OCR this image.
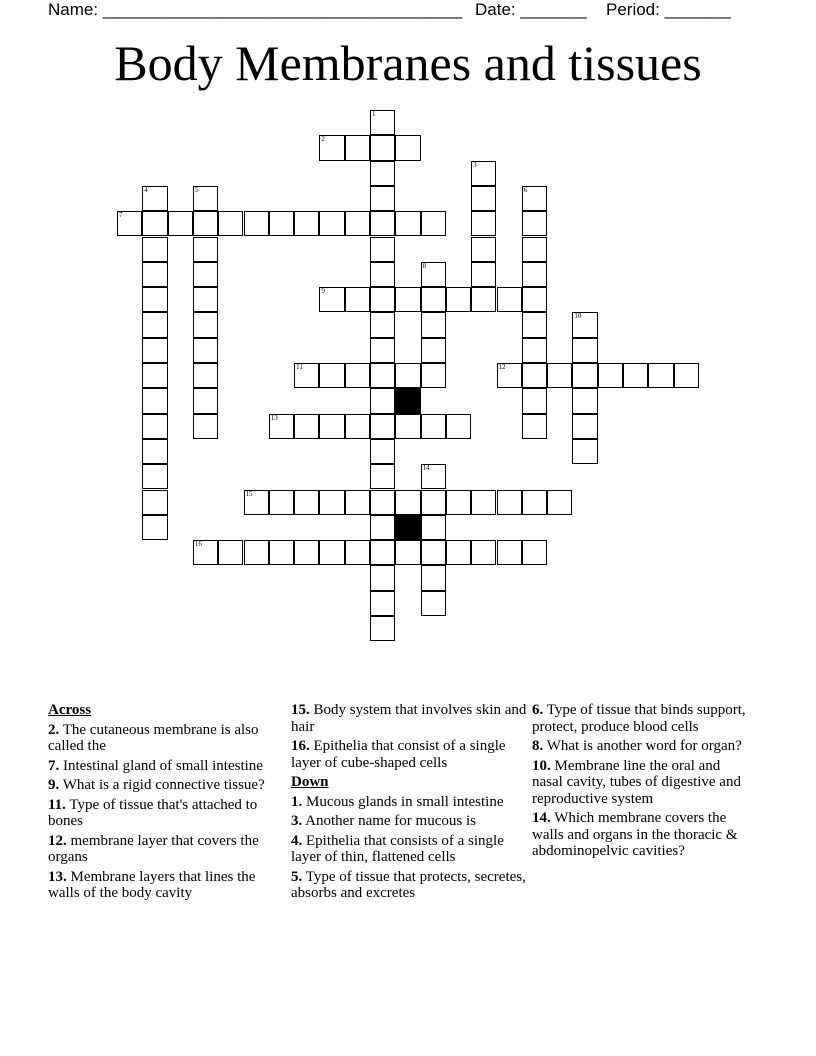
Name: ______________________________________ Date: _______ Period: _______
Body Membranes and tissues
1
2
3
4	5	6
7
8
9
10
11	12
13
14
15
16
Across
2. The cutaneous membrane is also called the
7. Intestinal gland of small intestine
9. What is a rigid connective tissue?
11. Type of tissue that's attached to bones
12. membrane layer that covers the organs
13. Membrane layers that lines the walls of the body cavity
15. Body system that involves skin and hair
16. Epithelia that consist of a single layer of cube-shaped cells
Down
1. Mucous glands in small intestine
3. Another name for mucous is
4. Epithelia that consists of a single layer of thin, flattened cells
5. Type of tissue that protects, secretes, absorbs and excretes
6. Type of tissue that binds support, protect, produce blood cells
8. What is another word for organ?
10. Membrane line the oral and nasal cavity, tubes of digestive and reproductive system
14. Which membrane covers the walls and organs in the thoracic & abdominopelvic cavities?
